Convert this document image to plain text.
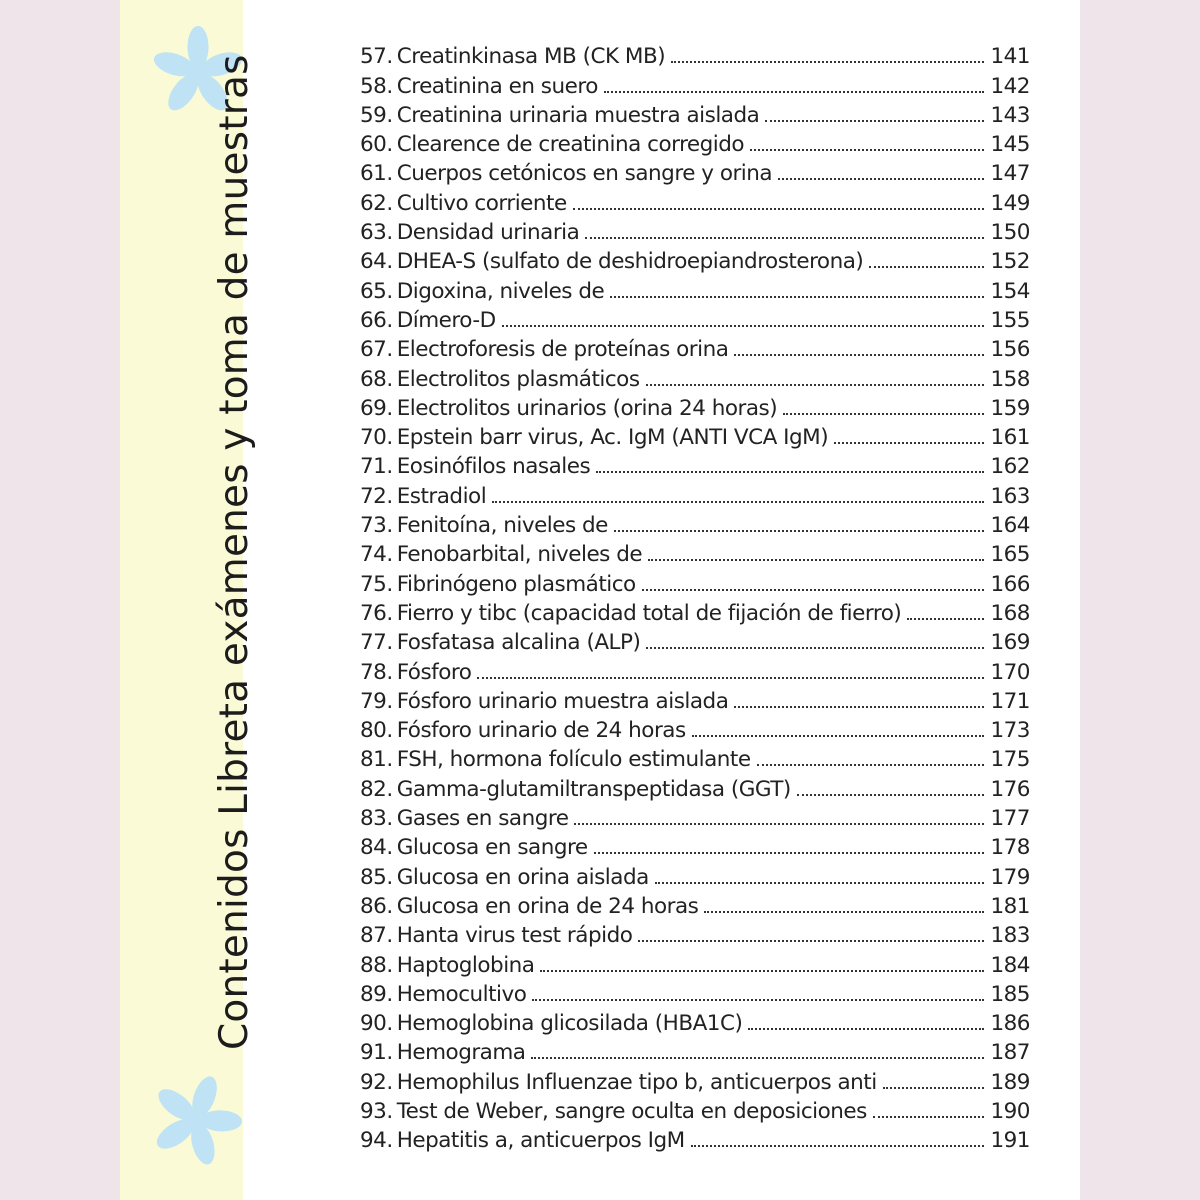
Contenidos Libreta exámenes y toma de muestras	57. Creatinkinasa MB (CK MB)	141
58. Creatinina en suero	142
59. Creatinina urinaria muestra aislada	143
60. Clearence de creatinina corregido	145
61. Cuerpos cetónicos en sangre y orina	147
62. Cultivo corriente	149
63. Densidad urinaria	150
64. DHEA-S (sulfato de deshidroepiandrosterona)	152
65. Digoxina, niveles de	154
66. Dímero-D	155
67. Electroforesis de proteínas orina	156
68. Electrolitos plasmáticos	158
69. Electrolitos urinarios (orina 24 horas)	159
70. Epstein barr virus, Ac. IgM (ANTI VCA IgM)	161
71. Eosinófilos nasales	162
72. Estradiol	163
73. Fenitoína, niveles de	164
74. Fenobarbital, niveles de	165
75. Fibrinógeno plasmático	166
76. Fierro y tibc (capacidad total de fijación de fierro)	168
77. Fosfatasa alcalina (ALP)	169
78. Fósforo	170
79. Fósforo urinario muestra aislada	171
80. Fósforo urinario de 24 horas	173
81. FSH, hormona folículo estimulante	175
82. Gamma-glutamiltranspeptidasa (GGT)	176
83. Gases en sangre	177
84. Glucosa en sangre	178
85. Glucosa en orina aislada	179
86. Glucosa en orina de 24 horas	181
87. Hanta virus test rápido	183
88. Haptoglobina	184
89. Hemocultivo	185
90. Hemoglobina glicosilada (HBA1C)	186
91. Hemograma	187
92. Hemophilus Influenzae tipo b, anticuerpos anti	189
93. Test de Weber, sangre oculta en deposiciones	190
94. Hepatitis a, anticuerpos IgM	191
